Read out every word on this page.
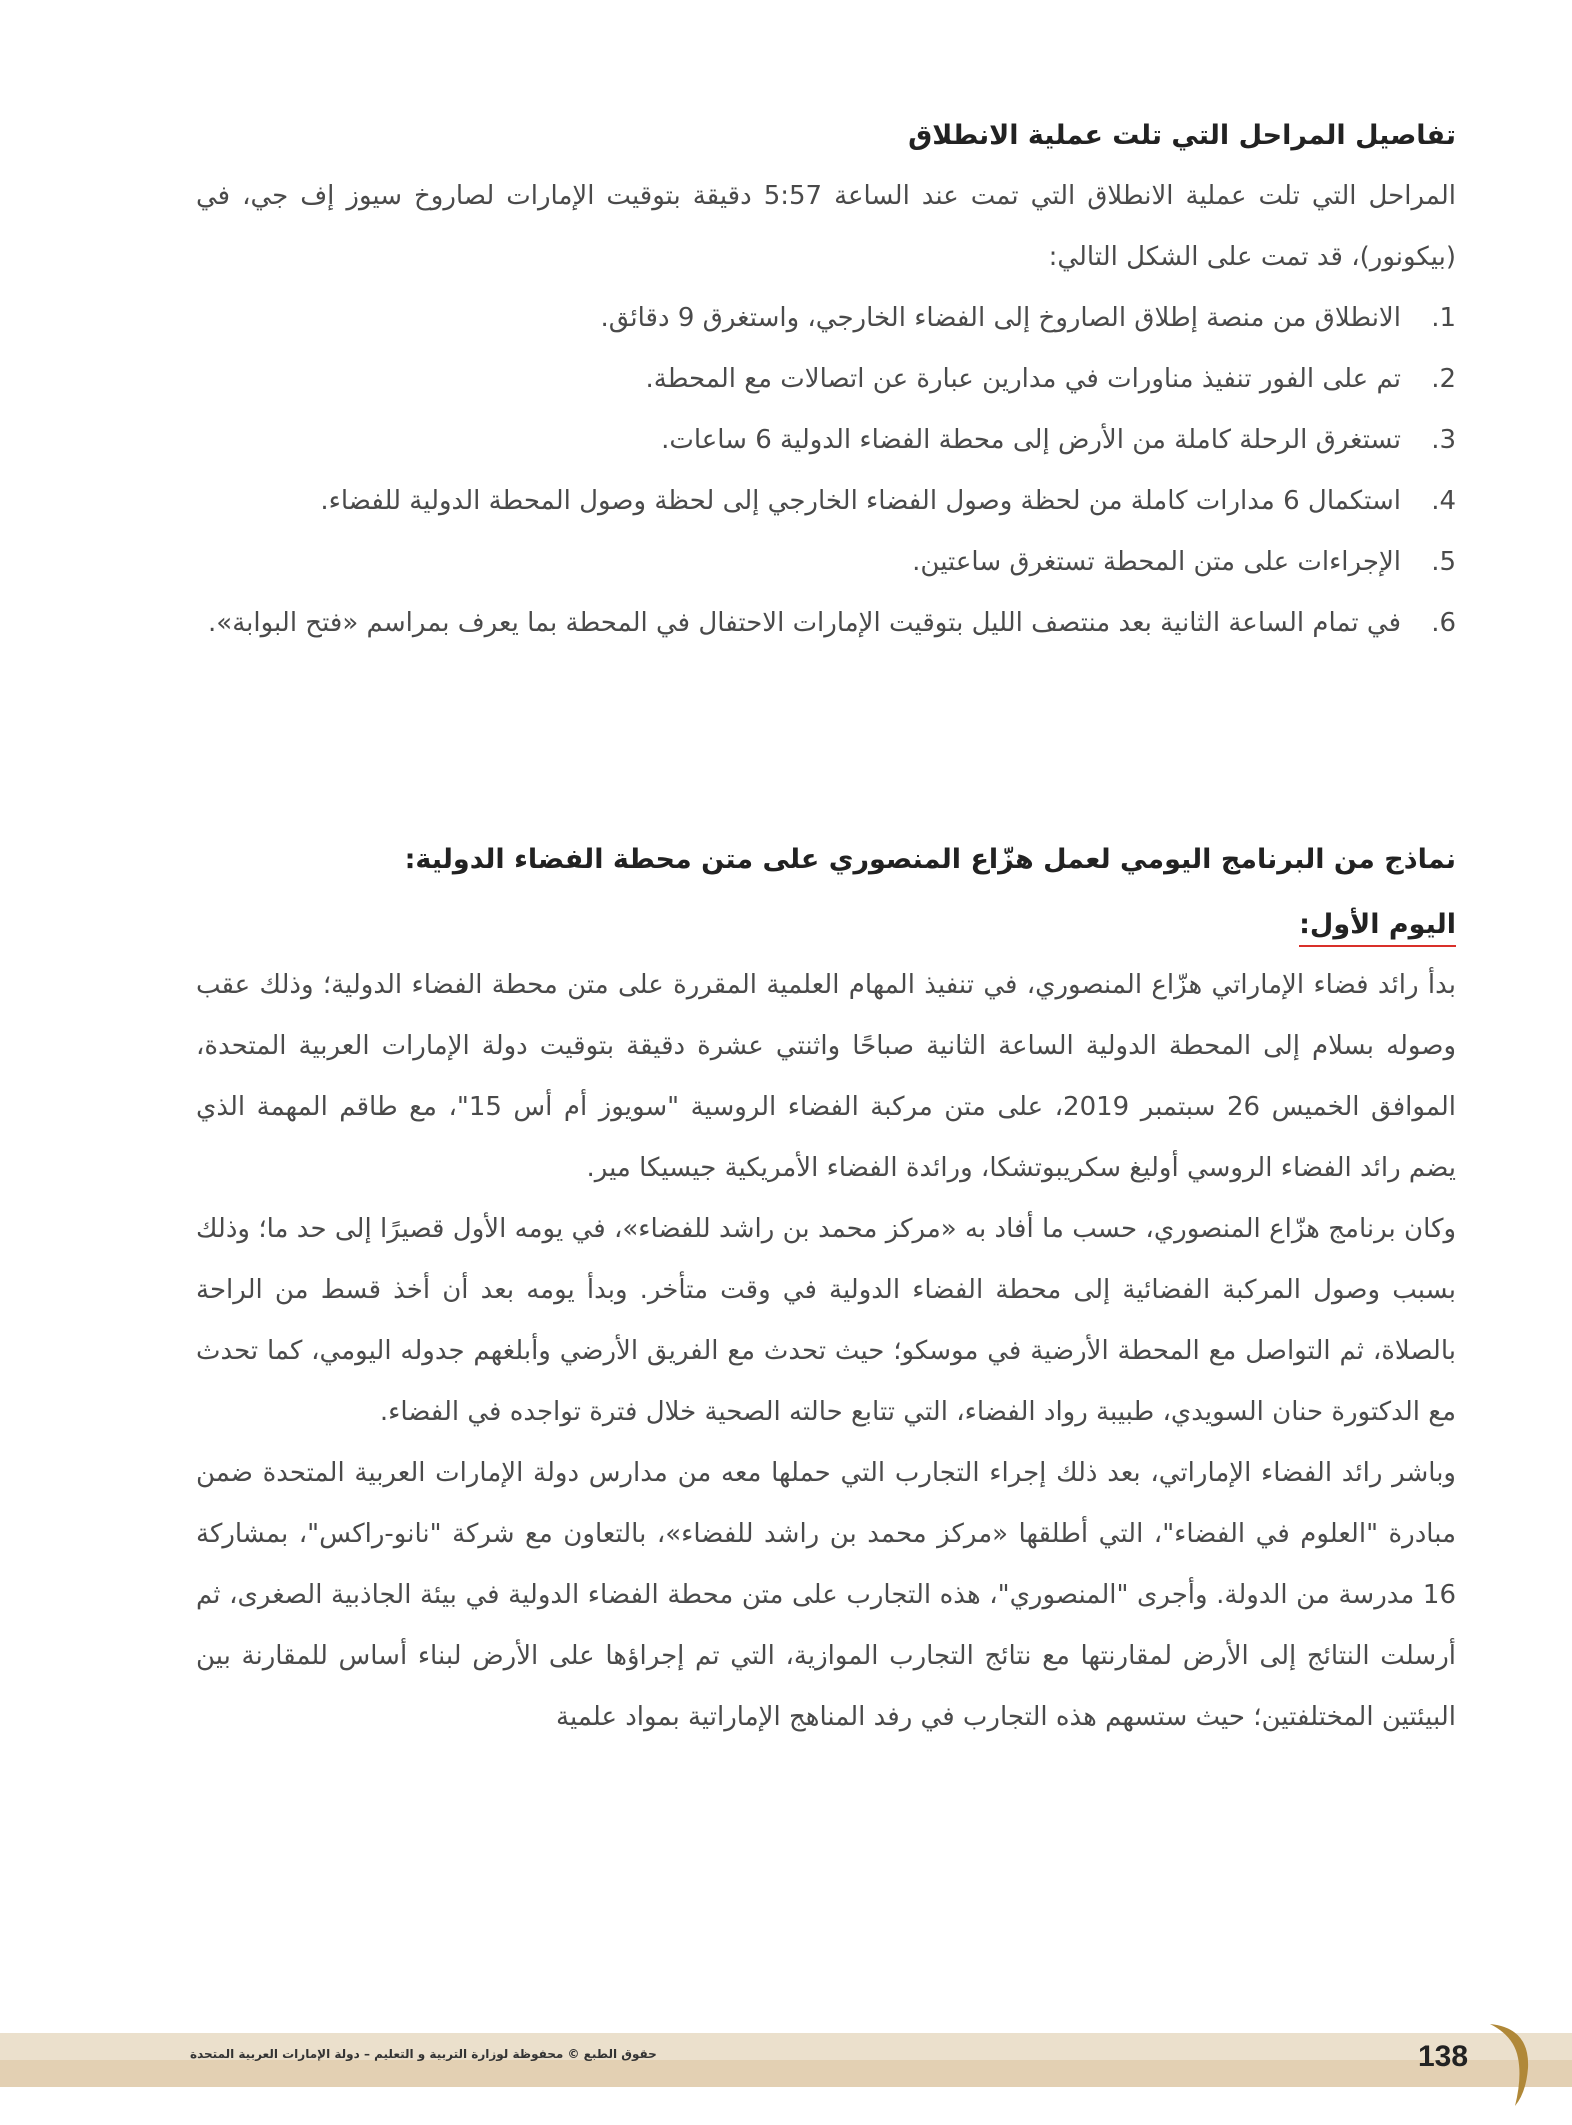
تفاصيل المراحل التي تلت عملية الانطلاق
المراحل التي تلت عملية الانطلاق التي تمت عند الساعة 5:57 دقيقة بتوقيت الإمارات لصاروخ سيوز إف جي، في (بيكونور)، قد تمت على الشكل التالي:
1.
الانطلاق من منصة إطلاق الصاروخ إلى الفضاء الخارجي، واستغرق 9 دقائق.
2.
تم على الفور تنفيذ مناورات في مدارين عبارة عن اتصالات مع المحطة.
3.
تستغرق الرحلة كاملة من الأرض إلى محطة الفضاء الدولية 6 ساعات.
4.
استكمال 6 مدارات كاملة من لحظة وصول الفضاء الخارجي إلى لحظة وصول المحطة الدولية للفضاء.
5.
الإجراءات على متن المحطة تستغرق ساعتين.
6.
في تمام الساعة الثانية بعد منتصف الليل بتوقيت الإمارات الاحتفال في المحطة بما يعرف بمراسم «فتح البوابة».
نماذج من البرنامج اليومي لعمل هزّاع المنصوري على متن محطة الفضاء الدولية:
اليوم الأول:

بدأ رائد فضاء الإماراتي هزّاع المنصوري، في تنفيذ المهام العلمية المقررة على متن محطة الفضاء الدولية؛ وذلك عقب وصوله بسلام إلى المحطة الدولية الساعة الثانية صباحًا واثنتي عشرة دقيقة بتوقيت دولة الإمارات العربية المتحدة، الموافق الخميس 26 سبتمبر 2019، على متن مركبة الفضاء الروسية "سويوز أم أس 15"، مع طاقم المهمة الذي يضم رائد الفضاء الروسي أوليغ سكريبوتشكا، ورائدة الفضاء الأمريكية جيسيكا مير.

وكان برنامج هزّاع المنصوري، حسب ما أفاد به «مركز محمد بن راشد للفضاء»، في يومه الأول قصيرًا إلى حد ما؛ وذلك بسبب وصول المركبة الفضائية إلى محطة الفضاء الدولية في وقت متأخر. وبدأ يومه بعد أن أخذ قسط من الراحة بالصلاة، ثم التواصل مع المحطة الأرضية في موسكو؛ حيث تحدث مع الفريق الأرضي وأبلغهم جدوله اليومي، كما تحدث مع الدكتورة حنان السويدي، طبيبة رواد الفضاء، التي تتابع حالته الصحية خلال فترة تواجده في الفضاء.

وباشر رائد الفضاء الإماراتي، بعد ذلك إجراء التجارب التي حملها معه من مدارس دولة الإمارات العربية المتحدة ضمن مبادرة "العلوم في الفضاء"، التي أطلقها «مركز محمد بن راشد للفضاء»، بالتعاون مع شركة "نانو-راكس"، بمشاركة 16 مدرسة من الدولة. وأجرى "المنصوري"، هذه التجارب على متن محطة الفضاء الدولية في بيئة الجاذبية الصغرى، ثم أرسلت النتائج إلى الأرض لمقارنتها مع نتائج التجارب الموازية، التي تم إجراؤها على الأرض لبناء أساس للمقارنة بين البيئتين المختلفتين؛ حيث ستسهم هذه التجارب في رفد المناهج الإماراتية بمواد علمية

حقوق الطبع © محفوظة لوزارة التربية و التعليم – دولة الإمارات العربية المتحدة	138
